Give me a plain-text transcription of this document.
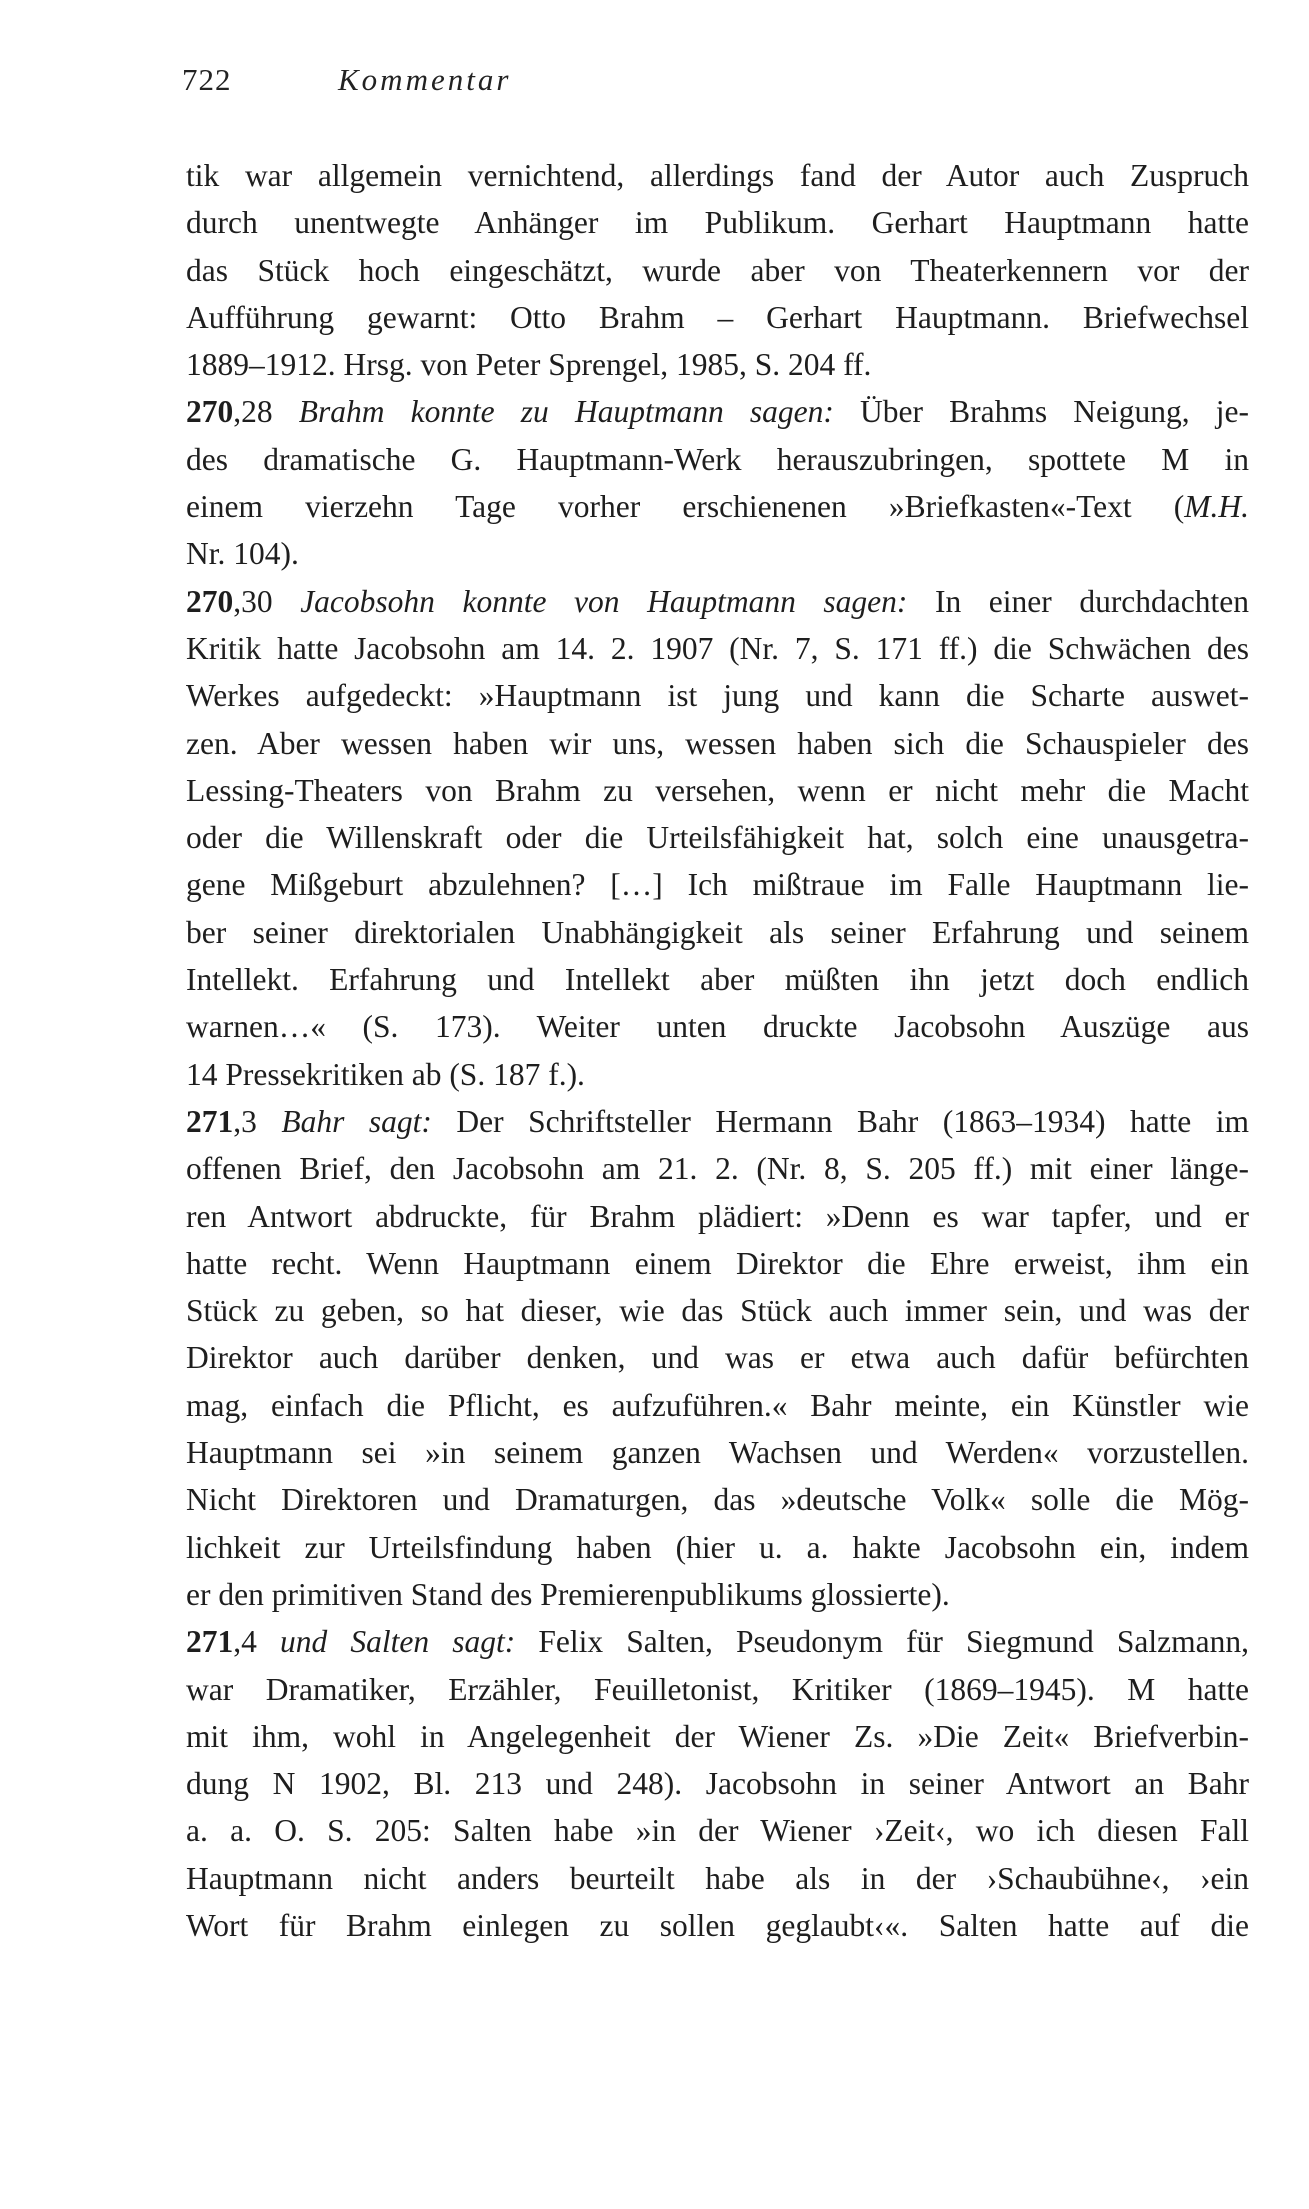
722	Kommentar
tik war allgemein vernichtend, allerdings fand der Autor auch Zuspruch
durch unentwegte Anhänger im Publikum. Gerhart Hauptmann hatte
das Stück hoch eingeschätzt, wurde aber von Theaterkennern vor der
Aufführung gewarnt: Otto Brahm – Gerhart Hauptmann. Briefwechsel
1889–1912. Hrsg. von Peter Sprengel, 1985, S. 204 ff.
270,28 Brahm konnte zu Hauptmann sagen: Über Brahms Neigung, je-
des dramatische G. Hauptmann-Werk herauszubringen, spottete M in
einem vierzehn Tage vorher erschienenen »Briefkasten«-Text (M.H.
Nr. 104).
270,30 Jacobsohn konnte von Hauptmann sagen: In einer durchdachten
Kritik hatte Jacobsohn am 14. 2. 1907 (Nr. 7, S. 171 ff.) die Schwächen des
Werkes aufgedeckt: »Hauptmann ist jung und kann die Scharte auswet-
zen. Aber wessen haben wir uns, wessen haben sich die Schauspieler des
Lessing-Theaters von Brahm zu versehen, wenn er nicht mehr die Macht
oder die Willenskraft oder die Urteilsfähigkeit hat, solch eine unausgetra-
gene Mißgeburt abzulehnen? […] Ich mißtraue im Falle Hauptmann lie-
ber seiner direktorialen Unabhängigkeit als seiner Erfahrung und seinem
Intellekt. Erfahrung und Intellekt aber müßten ihn jetzt doch endlich
warnen…« (S. 173). Weiter unten druckte Jacobsohn Auszüge aus
14 Pressekritiken ab (S. 187 f.).
271,3 Bahr sagt: Der Schriftsteller Hermann Bahr (1863–1934) hatte im
offenen Brief, den Jacobsohn am 21. 2. (Nr. 8, S. 205 ff.) mit einer länge-
ren Antwort abdruckte, für Brahm plädiert: »Denn es war tapfer, und er
hatte recht. Wenn Hauptmann einem Direktor die Ehre erweist, ihm ein
Stück zu geben, so hat dieser, wie das Stück auch immer sein, und was der
Direktor auch darüber denken, und was er etwa auch dafür befürchten
mag, einfach die Pflicht, es aufzuführen.« Bahr meinte, ein Künstler wie
Hauptmann sei »in seinem ganzen Wachsen und Werden« vorzustellen.
Nicht Direktoren und Dramaturgen, das »deutsche Volk« solle die Mög-
lichkeit zur Urteilsfindung haben (hier u. a. hakte Jacobsohn ein, indem
er den primitiven Stand des Premierenpublikums glossierte).
271,4 und Salten sagt: Felix Salten, Pseudonym für Siegmund Salzmann,
war Dramatiker, Erzähler, Feuilletonist, Kritiker (1869–1945). M hatte
mit ihm, wohl in Angelegenheit der Wiener Zs. »Die Zeit« Briefverbin-
dung N 1902, Bl. 213 und 248). Jacobsohn in seiner Antwort an Bahr
a. a. O. S. 205: Salten habe »in der Wiener ›Zeit‹, wo ich diesen Fall
Hauptmann nicht anders beurteilt habe als in der ›Schaubühne‹, ›ein
Wort für Brahm einlegen zu sollen geglaubt‹«. Salten hatte auf die
